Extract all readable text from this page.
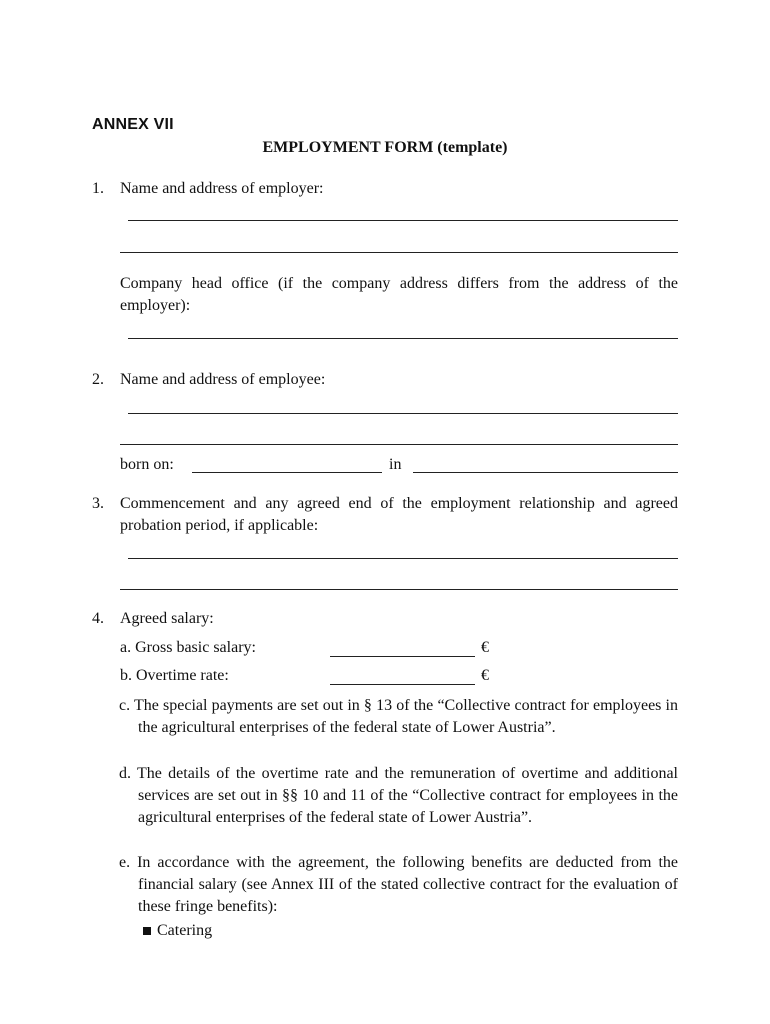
ANNEX VII
EMPLOYMENT FORM (template)
1. Name and address of employer:
Company head office (if the company address differs from the address of the employer):
2. Name and address of employee:
born on:	in
3. Commencement and any agreed end of the employment relationship and agreed probation period, if applicable:
4. Agreed salary:
a. Gross basic salary:	€
b. Overtime rate:	€
c. The special payments are set out in § 13 of the “Collective contract for employees in the agricultural enterprises of the federal state of Lower Austria”.
d. The details of the overtime rate and the remuneration of overtime and additional services are set out in §§ 10 and 11 of the “Collective contract for employees in the agricultural enterprises of the federal state of Lower Austria”.
e. In accordance with the agreement, the following benefits are deducted from the financial salary (see Annex III of the stated collective contract for the evaluation of these fringe benefits):
Catering
